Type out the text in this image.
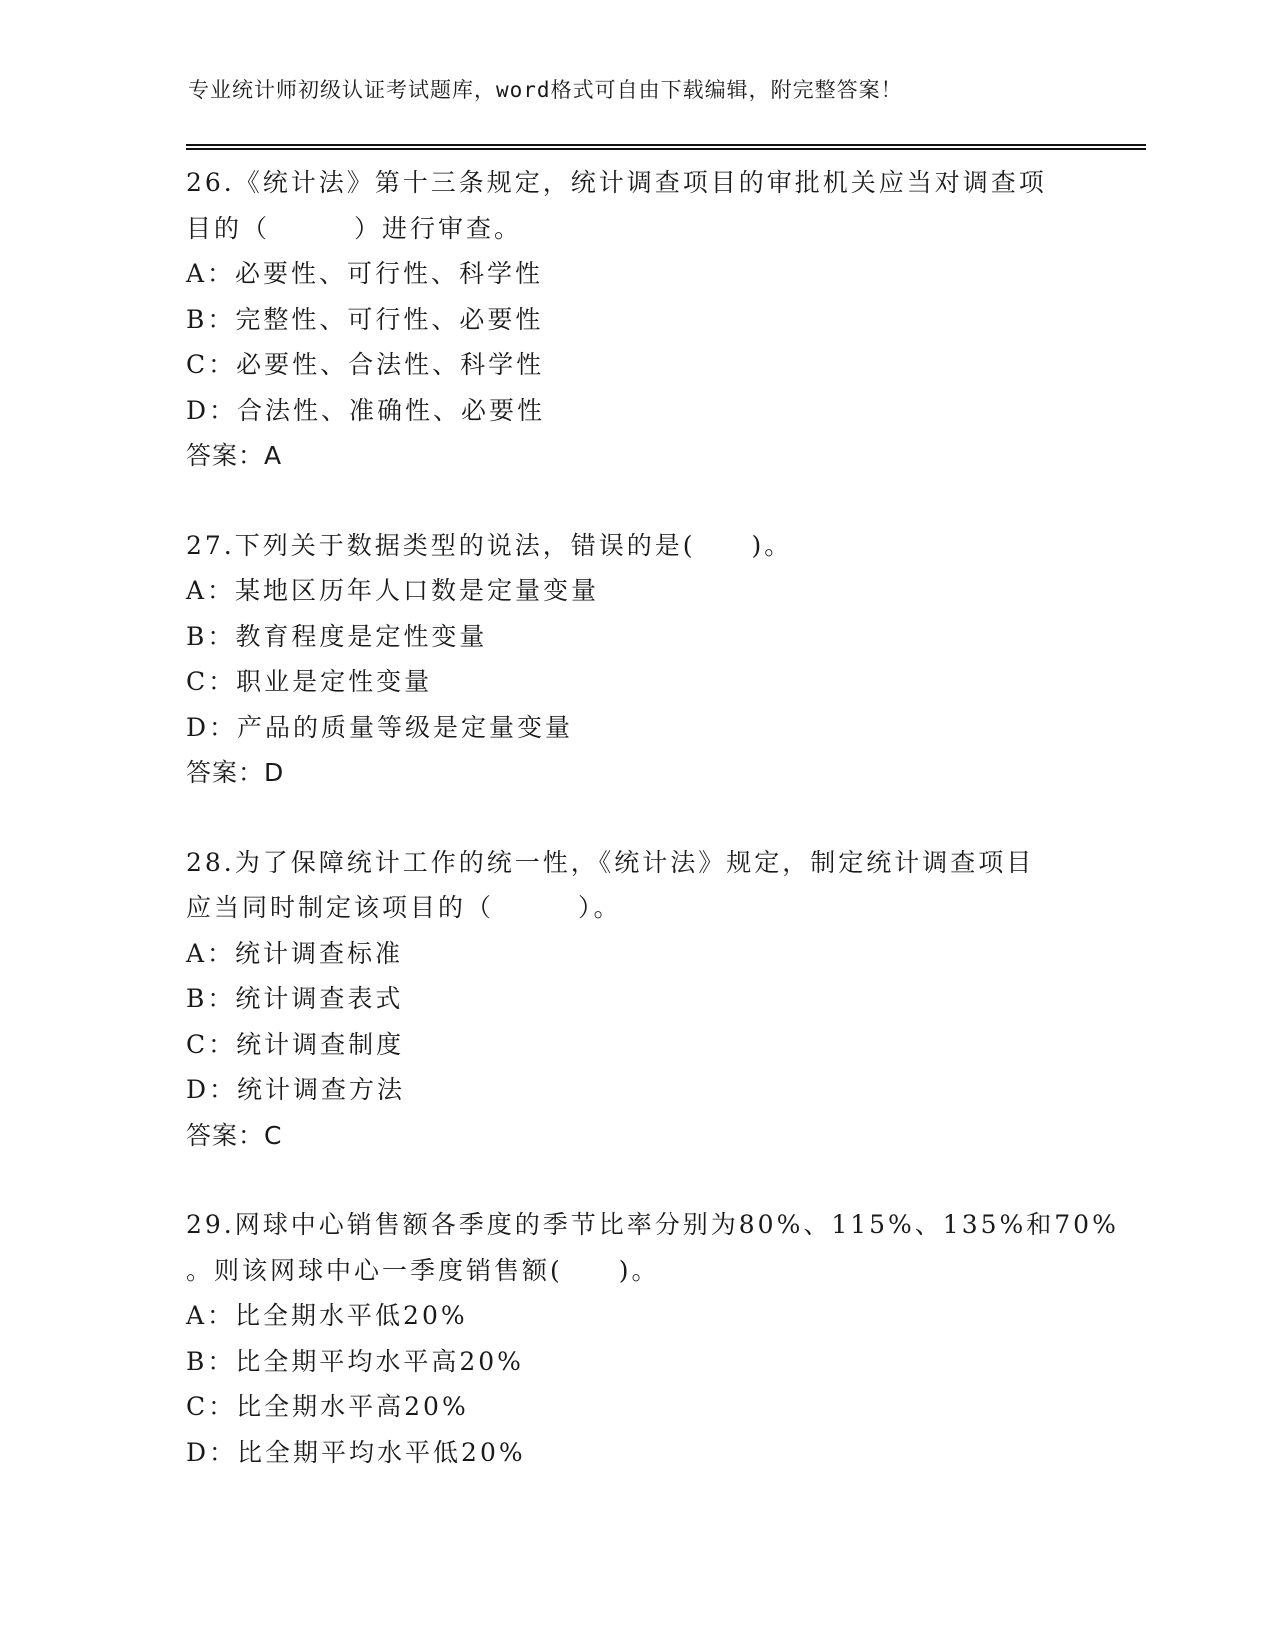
专业统计师初级认证考试题库，word格式可自由下载编辑，附完整答案！
26.《统计法》第十三条规定，统计调查项目的审批机关应当对调查项
目的（　　　）进行审查。
A：必要性、可行性、科学性
B：完整性、可行性、必要性
C：必要性、合法性、科学性
D：合法性、准确性、必要性
答案：A
27.下列关于数据类型的说法，错误的是(　　)。
A：某地区历年人口数是定量变量
B：教育程度是定性变量
C：职业是定性变量
D：产品的质量等级是定量变量
答案：D
28.为了保障统计工作的统一性，《统计法》规定，制定统计调查项目
应当同时制定该项目的（　　　）。
A：统计调查标准
B：统计调查表式
C：统计调查制度
D：统计调查方法
答案：C
29.网球中心销售额各季度的季节比率分别为80%、115%、135%和70%
。则该网球中心一季度销售额(　　)。
A：比全期水平低20%
B：比全期平均水平高20%
C：比全期水平高20%
D：比全期平均水平低20%
